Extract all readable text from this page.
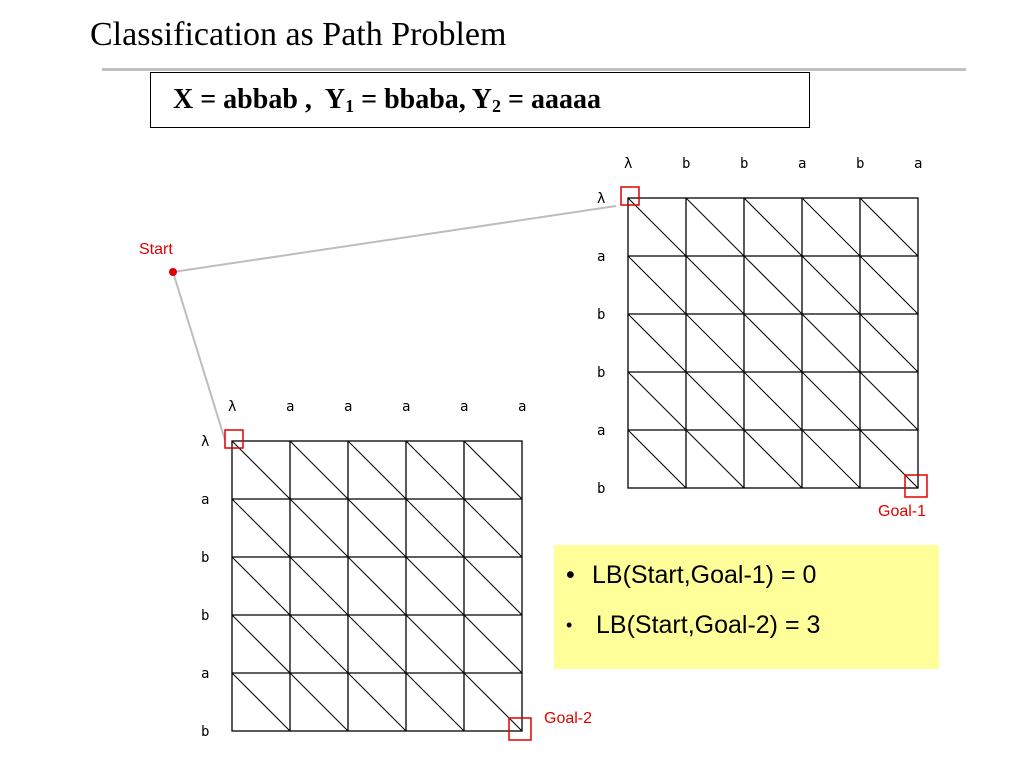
Classification as Path Problem
X = abbab , $Y_1$ = bbaba, $Y_2$ = aaaaa
Start
λ	b	b	a	b	a
λ
a
b
b
a
b
Goal-1
λ	a	a	a	a	a
λ
a
b
b
a
b
Goal-2
• LB(Start,Goal-1) = 0
• LB(Start,Goal-2) = 3
